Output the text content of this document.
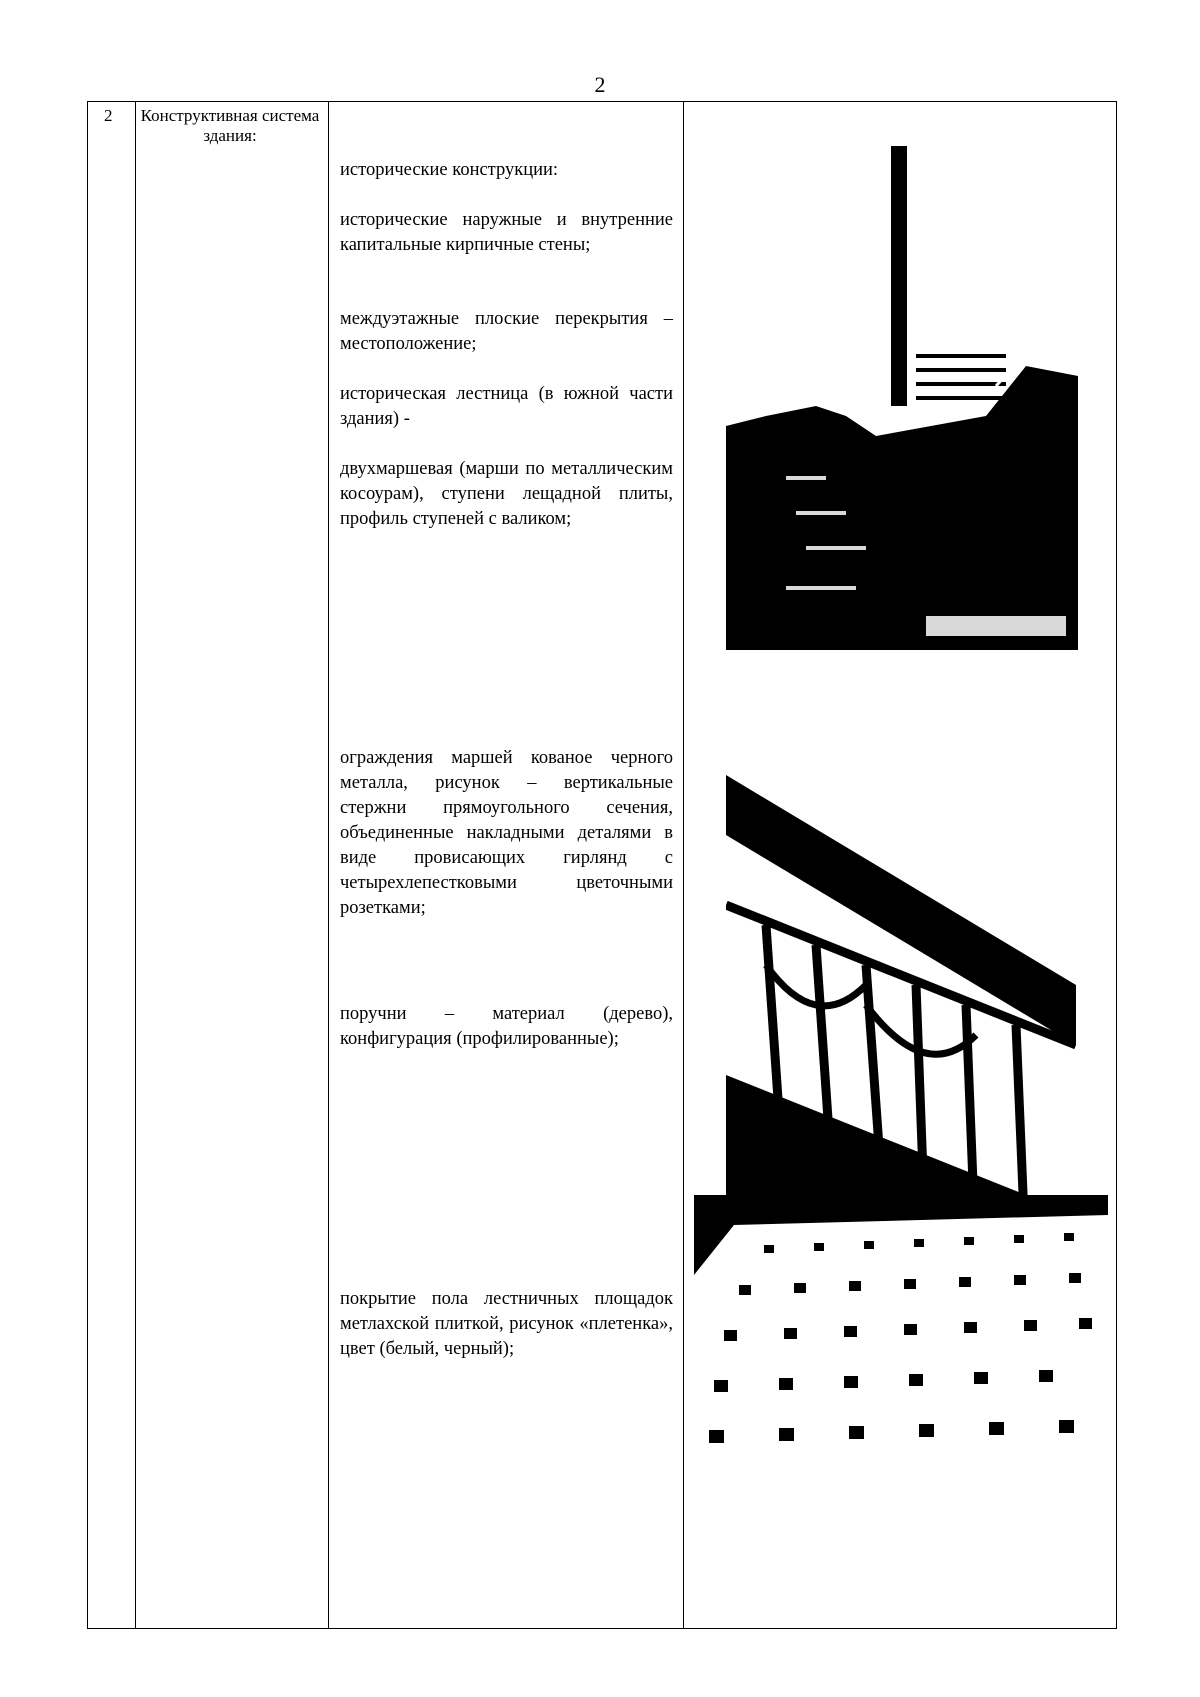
2
2 Конструктивная система здания:
исторические конструкции:
исторические наружные и внутренние капитальные кирпичные стены;
междуэтажные плоские перекрытия – местоположение;
историческая лестница (в южной части здания) -
двухмаршевая (марши по металлическим косоурам), ступени лещадной плиты, профиль ступеней с валиком;
ограждения маршей кованое черного металла, рисунок – вертикальные стержни прямоугольного сечения, объединенные накладными деталями в виде провисающих гирлянд с четырехлепестковыми цветочными розетками;
поручни – материал (дерево), конфигурация (профилированные);
покрытие пола лестничных площадок метлахской плиткой, рисунок «плетенка», цвет (белый, черный);
